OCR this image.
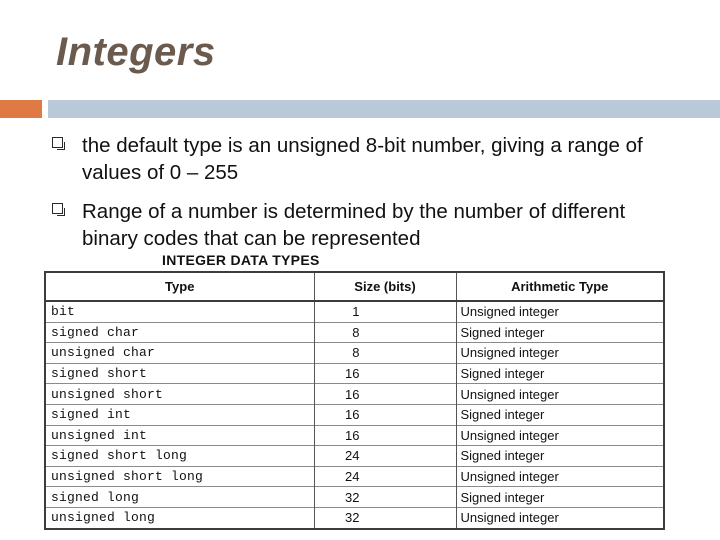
Integers
the default type is an unsigned 8-bit number, giving a range of values of 0 – 255
Range of a number is determined by the number of different binary codes that can be represented
INTEGER DATA TYPES
Type	Size (bits)	Arithmetic Type
bit	1	Unsigned integer
signed char	8	Signed integer
unsigned char	8	Unsigned integer
signed short	16	Signed integer
unsigned short	16	Unsigned integer
signed int	16	Signed integer
unsigned int	16	Unsigned integer
signed short long	24	Signed integer
unsigned short long	24	Unsigned integer
signed long	32	Signed integer
unsigned long	32	Unsigned integer
